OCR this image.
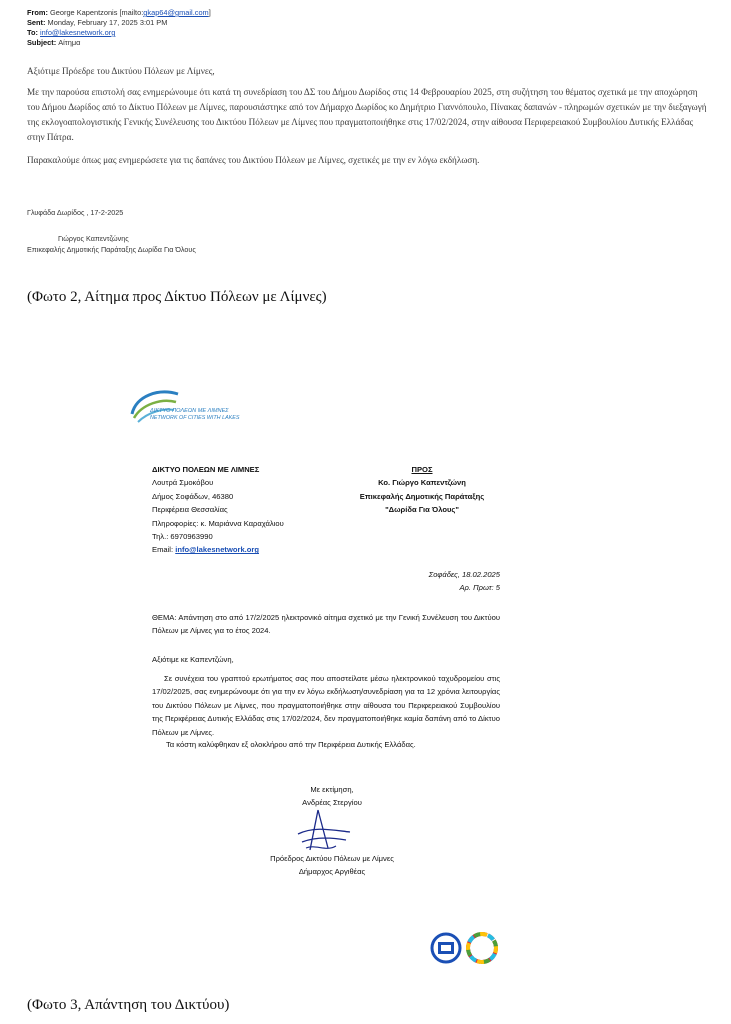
From: George Kapentzonis [mailto:gkap64@gmail.com]
Sent: Monday, February 17, 2025 3:01 PM
To: info@lakesnetwork.org
Subject: Αίτημα

Αξιότιμε Πρόεδρε του Δικτύου Πόλεων με Λίμνες,

Με την παρούσα επιστολή σας ενημερώνουμε ότι κατά τη συνεδρίαση του ΔΣ του Δήμου Δωρίδος στις 14 Φεβρουαρίου 2025, στη συζήτηση του θέματος σχετικά με την αποχώρηση του Δήμου Δωρίδος από το Δίκτυο Πόλεων με Λίμνες, παρουσιάστηκε από τον Δήμαρχο Δωρίδος κο Δημήτριο Γιαννόπουλο, Πίνακας δαπανών - πληρωμών σχετικών με την διεξαγωγή της εκλογοαπολογιστικής Γενικής Συνέλευσης του Δικτύου Πόλεων με Λίμνες που πραγματοποιήθηκε στις 17/02/2024, στην αίθουσα Περιφερειακού Συμβουλίου Δυτικής Ελλάδας στην Πάτρα.

Παρακαλούμε όπως μας ενημερώσετε για τις δαπάνες του Δικτύου Πόλεων με Λίμνες, σχετικές με την εν λόγω εκδήλωση.

Γλυφάδα Δωρίδος , 17-2-2025
Γιώργος Καπεντζώνης
Επικεφαλής Δημοτικής Παράταξης Δωρίδα Για Όλους
(Φωτο 2, Αίτημα προς Δίκτυο Πόλεων με Λίμνες)
ΔΙΚΤΥΟ ΠΟΛΕΩΝ ΜΕ ΛΙΜΝΕΣ
NETWORK OF CITIES WITH LAKES
ΔΙΚΤΥΟ ΠΟΛΕΩΝ ΜΕ ΛΙΜΝΕΣ
Λουτρά Σμοκόβου
Δήμος Σοφάδων, 46380
Περιφέρεια Θεσσαλίας
Πληροφορίες: κ. Μαριάννα Καραχάλιου
Τηλ.: 6970963990
Email: info@lakesnetwork.org
ΠΡΟΣ
Κο. Γιώργο Καπεντζώνη
Επικεφαλής Δημοτικής Παράταξης
"Δωρίδα Για Όλους"
Σοφάδες, 18.02.2025
Αρ. Πρωτ: 5
ΘΕΜΑ: Απάντηση στο από 17/2/2025 ηλεκτρονικό αίτημα σχετικό με την Γενική Συνέλευση του Δικτύου Πόλεων με Λίμνες για το έτος 2024.
Αξιότιμε κε Καπεντζώνη,
Σε συνέχεια του γραπτού ερωτήματος σας που αποστείλατε μέσω ηλεκτρονικού ταχυδρομείου στις 17/02/2025, σας ενημερώνουμε ότι για την εν λόγω εκδήλωση/συνεδρίαση για τα 12 χρόνια λειτουργίας του Δικτύου Πόλεων με Λίμνες, που πραγματοποιήθηκε στην αίθουσα του Περιφερειακού Συμβουλίου της Περιφέρειας Δυτικής Ελλάδας στις 17/02/2024, δεν πραγματοποιήθηκε καμία δαπάνη από το Δίκτυο Πόλεων με Λίμνες.
Τα κόστη καλύφθηκαν εξ ολοκλήρου από την Περιφέρεια Δυτικής Ελλάδας.
Με εκτίμηση,
Ανδρέας Στεργίου
Πρόεδρος Δικτύου Πόλεων με Λίμνες
Δήμαρχος Αργιθέας
(Φωτο 3, Απάντηση του Δικτύου)
